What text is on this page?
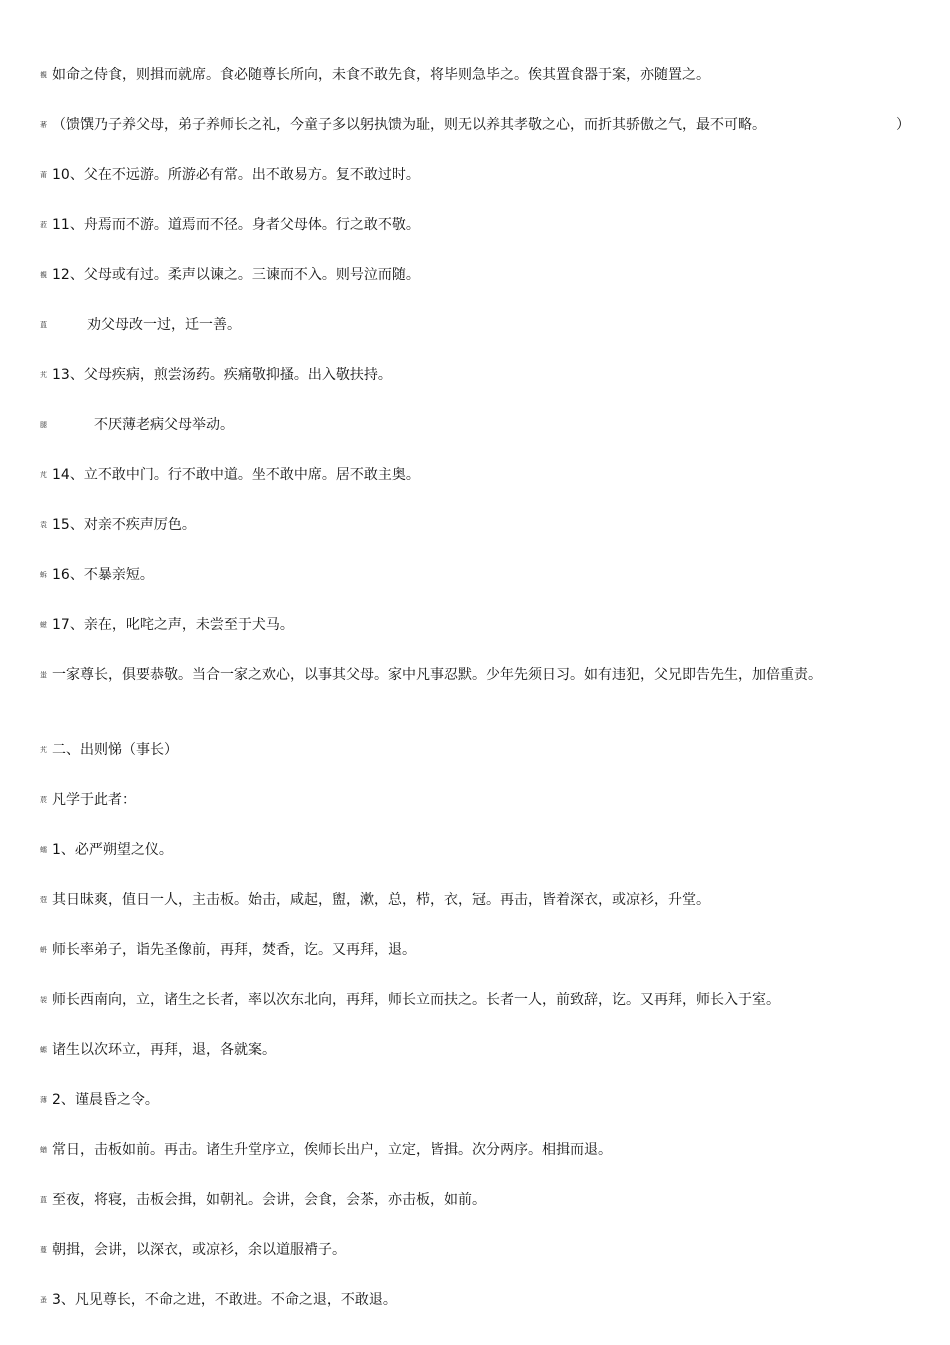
覩 如命之侍食，则揖而就席。食必随尊长所向，未食不敢先食，将毕则急毕之。俟其置食器于案，亦随置之。
莃 （馈馔乃子养父母，弟子养师长之礼，今童子多以躬执馈为耻，则无以养其孝敬之心，而折其骄傲之气，最不可略。	）
莆 10、父在不远游。所游必有常。出不敢易方。复不敢过时。
蒞 11、舟焉而不游。道焉而不径。身者父母体。行之敢不敬。
覩 12、父母或有过。柔声以谏之。三谏而不入。则号泣而随。
蒀	劝父母改一过，迁一善。
艽 13、父母疾病，煎尝汤药。疾痛敬抑搔。出入敬扶持。
腿	不厌薄老病父母举动。
芃 14、立不敢中门。行不敢中道。坐不敢中席。居不敢主奥。
袁 15、对亲不疾声厉色。
蚸 16、不暴亲短。
螆 17、亲在，叱咤之声，未尝至于犬马。
蚩 一家尊长，俱要恭敬。当合一家之欢心，以事其父母。家中凡事忍默。少年先须日习。如有违犯，父兄即告先生，加倍重责。
艽 二、出则悌（事长）
莀 凡学于此者：
蠕 1、必严朔望之仪。
蒄 其日昧爽，值日一人，主击板。始击，咸起，盥，漱，总，栉，衣，冠。再击，皆着深衣，或凉衫，升堂。
蚒 师长率弟子，诣先圣像前，再拜，焚香，讫。又再拜，退。
袈 师长西南向，立，诸生之长者，率以次东北向，再拜，师长立而扶之。长者一人，前致辞，讫。又再拜，师长入于室。
螈 诸生以次环立，再拜，退，各就案。
薄 2、谨晨昏之令。
蝤 常日，击板如前。再击。诸生升堂序立，俟师长出户，立定，皆揖。次分两序。相揖而退。
蒀 至夜，将寝，击板会揖，如朝礼。会讲，会食，会茶，亦击板，如前。
蔓 朝揖，会讲，以深衣，或凉衫，余以道服褙子。
蚤 3、凡见尊长，不命之进，不敢进。不命之退，不敢退。
